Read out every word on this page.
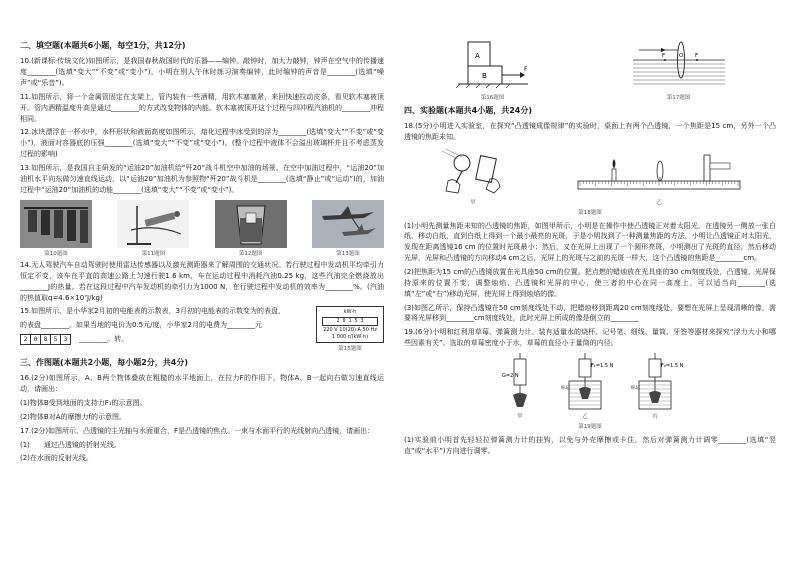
二、填空题(本题共6小题，每空1分，共12分)

10.(新课标·传统文化)如图所示，是我国春秋战国时代的乐器——编钟。敲钟时，加大力敲钟，钟声在空气中的传播速度________(选填“变大”“不变”或“变小”)，小明在别人午休时练习演奏编钟，此时编钟的声音是________(选填“噪声”或“乐音”)。

11.如图所示，将一个金属管固定在支架上，管内装有一些酒精，用软木塞塞紧，来回快速拉动皮条，看见软木塞被顶开。管内酒精温度升高是通过________的方式改变物体的内能。软木塞被顶开这个过程与四冲程汽油机的________冲程相同。

12.冰块漂浮在一杯水中，水杯形状和液面高度如图所示，熔化过程中冰受到的浮力________(选填“变大”“不变”或“变小”)，液面对容器底的压强________(选填“变大”“不变”或“变小”)。(整个过程中液体不会溢出玻璃杯并且不考虑蒸发过程的影响)

13.如图所示，是我国自主研发的“运油20”加油机给“歼20”战斗机空中加油的场景。在空中加油过程中，“运油20”加油机水平向东做匀速直线运动，以“运油20”加油机为参照物“歼20”战斗机是________(选填“静止”或“运动”)的，加油过程中“运油20”加油机的动能________(选填“变大”“不变”或“变小”)。

第10题图	第11题图	第12题图	第13题图

14.无人驾驶汽车自动驾驶时使用雷达传感器以及激光测距器来了解周围的交通状况。若行驶过程中发动机平均牵引力恒定不变，该车在平直的高速公路上匀速行驶1.6 km，车在运动过程中消耗汽油0.25 kg，这些汽油完全燃烧放出________J的热量。若在这段过程中汽车发动机的牵引力为1000 N，在行驶过程中发动机的效率为________%。(汽油的热值取q=4.6×10⁷J/kg)

15.如图所示，是小华家2月初的电能表的示数表，3月初的电能表的示数变为的表盘，

的表盘________。如果当地的电价为0.5元/度，小华家2月的电费为________元

2	0	8	5	3	________。转。
kW·h
2 0 1 5 3
220 V 10(20) A 50 Hz
1 000 r/(kW·h)
第15题图
三、作图题(本题共2小题，每小题2分，共4分)

16.(2分)如图所示，A、B两个物体叠放在粗糙的水平地面上，在拉力F的作用下，物体A、B一起向右做匀速直线运动，请画出：

(1)物体B受到地面的支持力F₁的示意图。

(2)物体B对A的摩擦力f的示意图。

17.(2分)如图所示，凸透镜的主光轴与水面重合，F是凸透镜的焦点。一束与水面平行的光线射向凸透镜，请画出：

(1)　　通过凸透镜的折射光线。

(2)在水面的反射光线。

A
B
F
第16题图
F	F
O
第17题图
四、实验题(本题共4小题，共24分)

18.(5分)小明进入实验室，在探究“凸透镜成像规律”的实验时，桌面上有两个凸透镜，一个焦距是15 cm，另外一个凸透镜的焦距未知。

甲	乙
第18题图

(1)小明先测量焦距未知的凸透镜的焦距，如图甲所示，小明是在操作中使凸透镜正对着太阳光，在透镜另一侧放一张白纸，移动白纸，直到白纸上得到一个最小最亮的光斑，于是小明找到了一种测量焦距的方法，小明让凸透镜正对太阳光，发现在距离透镜16 cm 的位置时光斑最小；然后，又在光屏上出现了一个圆形亮斑，小明测出了光斑的直径，然后移动光屏，光屏和凸透镜的方向移动4 cm之后，光屏上的光斑与之前的光斑一样大，这个凸透镜的焦距是________cm。

(2)把焦距为15 cm的凸透镜放置在光具座50 cm的位置。把点燃的蜡烛放在光具座的30 cm刻度线处，凸透镜、光屏保持原来的位置不变，调整烛焰、凸透镜和光屏的中心，使三者的中心在同一高度上，可以适当向________(选填“左”或“右”)移动光屏，使光屏上得到烛焰的像。

(3)如图乙所示，保持凸透镜在50 cm刻度线处不动，把蜡烛移到距离20 cm刻度线处，要想在光屏上呈现清晰的像，需要将光屏移到________cm刻度线处，此时光屏上所成的像是倒立的________

19.(6分)小明和红利用草莓、弹簧测力计、装有适量水的烧杯、记号笔、细线、量筒、牙签等器材来探究“浮力大小和哪些因素有关”。选取的草莓密度小于水，草莓的直径小于量筒的内径。

G=2 N
甲
F₁=1.5 N
标记
乙
F₂=1.5 N
标记
丙
第19题图

(1)实验前小明首先轻轻拉弹簧测力计的挂钩，以免与外壳摩擦或卡住，然后对弹簧测力计调零________(选填“竖直”或“水平”)方向进行调零。
